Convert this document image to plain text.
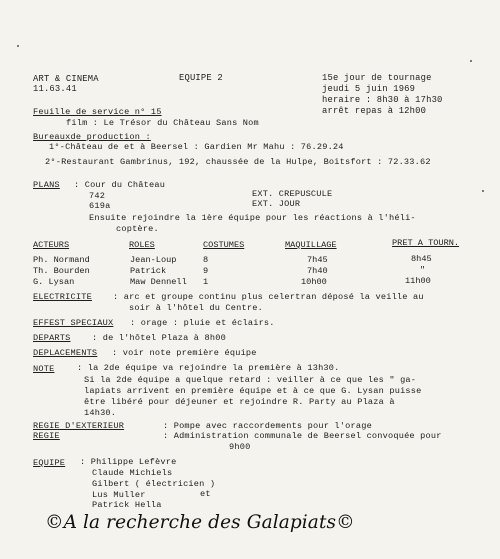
ART & CINEMA
11.63.41
EQUIPE 2	15e jour de tournage
jeudi 5 juin 1969
heraire : 8h30 à 17h30
arrêt repas à 12h00
Feuille de service n° 15
film : Le Trésor du Château Sans Nom
Bureauxde production :
1°-Château de et à Beersel : Gardien Mr Mahu : 76.29.24
2°-Restaurant Gambrinus, 192, chaussée de la Hulpe, Boitsfort : 72.33.62
PLANS : Cour du Château
742	EXT. CREPUSCULE
619a	EXT. JOUR
Ensuite rejoindre la 1ère équipe pour les réactions à l'héli-
coptère.
ACTEURS	ROLES	COSTUMES	MAQUILLAGE	PRET A TOURN.
Ph. Normand	Jean-Loup	8	7h45	8h45
Th. Bourden	Patrick	9	7h40	"
G. Lysan	Maw Dennell 1	10h00	11h00
ELECTRICITE : arc et groupe continu plus celertran déposé la veille au
soir à l'hôtel du Centre.
EFFEST SPECIAUX : orage : pluie et éclairs.
DEPARTS	: de l'hôtel Plaza à 8h00
DEPLACEMENTS : voir note première équipe
NOTE	: la 2de équipe va rejoindre la première à 13h30.
Si la 2de équipe a quelque retard : veiller à ce que les " ga-
lapiats arrivent en première équipe et à ce que G. Lysan puisse
être libéré pour déjeuner et rejoindre R. Party au Plaza à
14h30.
REGIE D'EXTERIEUR	: Pompe avec raccordements pour l'orage
REGIE	: Administration communale de Beersel convoquée pour
9h00
EQUIPE : Philippe Lefèvre
Claude Michiels
Gilbert ( électricien )
Lus Muller	et
Patrick Hella
©A la recherche des Galapiats©
